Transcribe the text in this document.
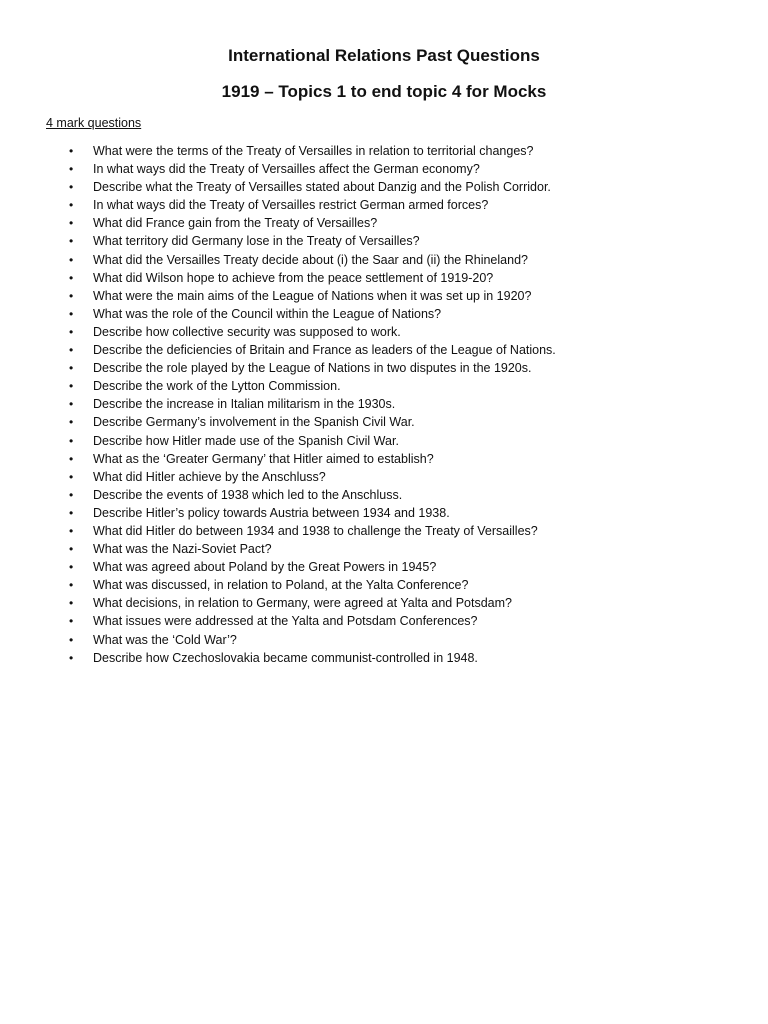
International Relations Past Questions
1919 – Topics 1 to end topic 4 for Mocks

4 mark questions

• What were the terms of the Treaty of Versailles in relation to territorial changes?
• In what ways did the Treaty of Versailles affect the German economy?
• Describe what the Treaty of Versailles stated about Danzig and the Polish Corridor.
• In what ways did the Treaty of Versailles restrict German armed forces?
• What did France gain from the Treaty of Versailles?
• What territory did Germany lose in the Treaty of Versailles?
• What did the Versailles Treaty decide about (i) the Saar and (ii) the Rhineland?
• What did Wilson hope to achieve from the peace settlement of 1919-20?
• What were the main aims of the League of Nations when it was set up in 1920?
• What was the role of the Council within the League of Nations?
• Describe how collective security was supposed to work.
• Describe the deficiencies of Britain and France as leaders of the League of Nations.
• Describe the role played by the League of Nations in two disputes in the 1920s.
• Describe the work of the Lytton Commission.
• Describe the increase in Italian militarism in the 1930s.
• Describe Germany’s involvement in the Spanish Civil War.
• Describe how Hitler made use of the Spanish Civil War.
• What as the ‘Greater Germany’ that Hitler aimed to establish?
• What did Hitler achieve by the Anschluss?
• Describe the events of 1938 which led to the Anschluss.
• Describe Hitler’s policy towards Austria between 1934 and 1938.
• What did Hitler do between 1934 and 1938 to challenge the Treaty of Versailles?
• What was the Nazi-Soviet Pact?
• What was agreed about Poland by the Great Powers in 1945?
• What was discussed, in relation to Poland, at the Yalta Conference?
• What decisions, in relation to Germany, were agreed at Yalta and Potsdam?
• What issues were addressed at the Yalta and Potsdam Conferences?
• What was the ‘Cold War’?
• Describe how Czechoslovakia became communist-controlled in 1948.
